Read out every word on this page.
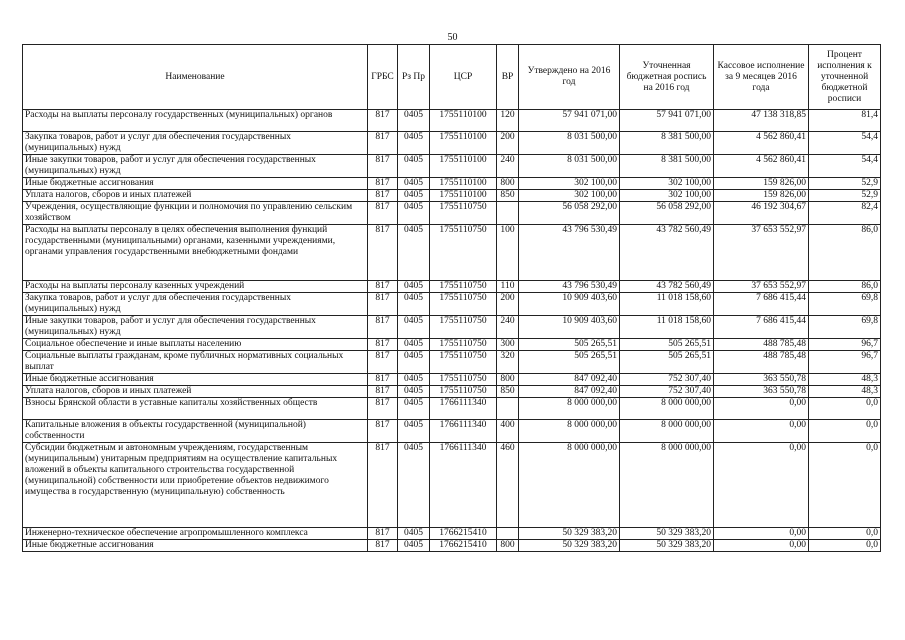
50
Наименование	ГРБС	Рз Пр	ЦСР	ВР	Утверждено на 2016 год	Уточненная бюджетная роспись на 2016 год	Кассовое исполнение за 9 месяцев 2016 года	Процент исполнения к уточненной бюджетной росписи
Расходы на выплаты персоналу государственных (муниципальных) органов	817	0405	1755110100	120	57 941 071,00	57 941 071,00	47 138 318,85	81,4
Закупка товаров, работ и услуг для обеспечения государственных (муниципальных) нужд	817	0405	1755110100	200	8 031 500,00	8 381 500,00	4 562 860,41	54,4
Иные закупки товаров, работ и услуг для обеспечения государственных (муниципальных) нужд	817	0405	1755110100	240	8 031 500,00	8 381 500,00	4 562 860,41	54,4
Иные бюджетные ассигнования	817	0405	1755110100	800	302 100,00	302 100,00	159 826,00	52,9
Уплата налогов, сборов и иных платежей	817	0405	1755110100	850	302 100,00	302 100,00	159 826,00	52,9
Учреждения, осуществляющие функции и полномочия по управлению сельским хозяйством	817	0405	1755110750		56 058 292,00	56 058 292,00	46 192 304,67	82,4
Расходы на выплаты персоналу в целях обеспечения выполнения функций государственными (муниципальными) органами, казенными учреждениями, органами управления государственными внебюджетными фондами	817	0405	1755110750	100	43 796 530,49	43 782 560,49	37 653 552,97	86,0
Расходы на выплаты персоналу казенных учреждений	817	0405	1755110750	110	43 796 530,49	43 782 560,49	37 653 552,97	86,0
Закупка товаров, работ и услуг для обеспечения государственных (муниципальных) нужд	817	0405	1755110750	200	10 909 403,60	11 018 158,60	7 686 415,44	69,8
Иные закупки товаров, работ и услуг для обеспечения государственных (муниципальных) нужд	817	0405	1755110750	240	10 909 403,60	11 018 158,60	7 686 415,44	69,8
Социальное обеспечение и иные выплаты населению	817	0405	1755110750	300	505 265,51	505 265,51	488 785,48	96,7
Социальные выплаты гражданам, кроме публичных нормативных социальных выплат	817	0405	1755110750	320	505 265,51	505 265,51	488 785,48	96,7
Иные бюджетные ассигнования	817	0405	1755110750	800	847 092,40	752 307,40	363 550,78	48,3
Уплата налогов, сборов и иных платежей	817	0405	1755110750	850	847 092,40	752 307,40	363 550,78	48,3
Взносы Брянской области в уставные капиталы хозяйственных обществ	817	0405	1766111340		8 000 000,00	8 000 000,00	0,00	0,0
Капитальные вложения в объекты государственной (муниципальной) собственности	817	0405	1766111340	400	8 000 000,00	8 000 000,00	0,00	0,0
Субсидии бюджетным и автономным учреждениям, государственным (муниципальным) унитарным предприятиям на осуществление капитальных вложений в объекты капитального строительства государственной (муниципальной) собственности или приобретение объектов недвижимого имущества в государственную (муниципальную) собственность	817	0405	1766111340	460	8 000 000,00	8 000 000,00	0,00	0,0
Инженерно-техническое обеспечение агропромышленного комплекса	817	0405	1766215410		50 329 383,20	50 329 383,20	0,00	0,0
Иные бюджетные ассигнования	817	0405	1766215410	800	50 329 383,20	50 329 383,20	0,00	0,0
